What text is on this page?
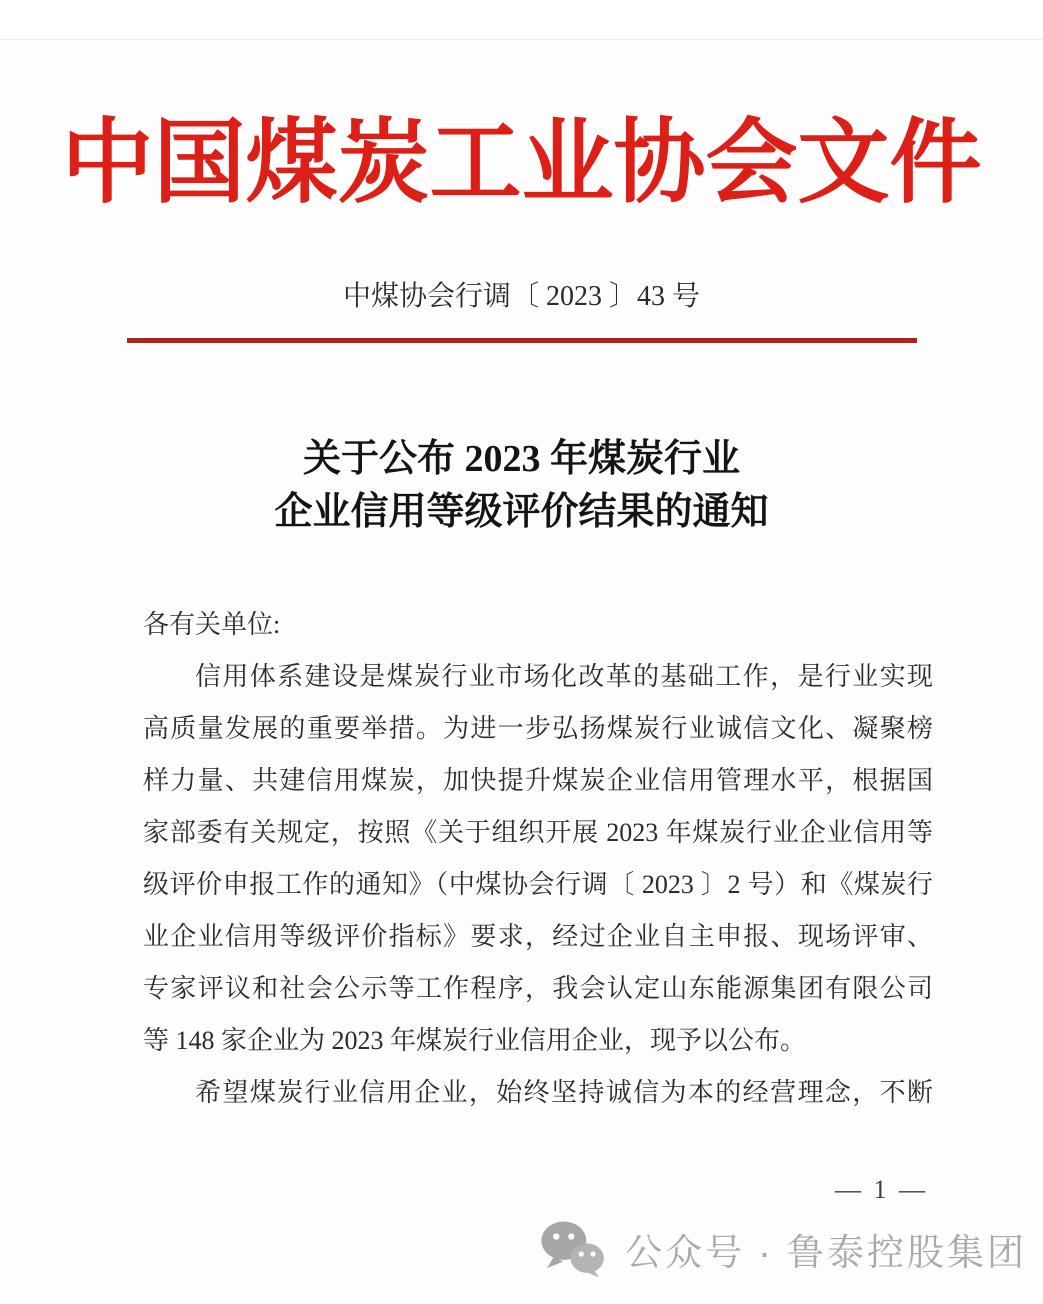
中国煤炭工业协会文件
中煤协会行调〔 2023 〕43 号
关于公布 2023 年煤炭行业
企业信用等级评价结果的通知
各有关单位:
信用体系建设是煤炭行业市场化改革的基础工作，是行业实现
高质量发展的重要举措。为进一步弘扬煤炭行业诚信文化、凝聚榜
样力量、共建信用煤炭，加快提升煤炭企业信用管理水平，根据国
家部委有关规定，按照《关于组织开展 2023 年煤炭行业企业信用等
级评价申报工作的通知》（中煤协会行调〔 2023 〕2 号）和《煤炭行
业企业信用等级评价指标》要求，经过企业自主申报、现场评审、
专家评议和社会公示等工作程序，我会认定山东能源集团有限公司
等 148 家企业为 2023 年煤炭行业信用企业，现予以公布。
希望煤炭行业信用企业，始终坚持诚信为本的经营理念，不断
— 1 —
公众号 · 鲁泰控股集团
